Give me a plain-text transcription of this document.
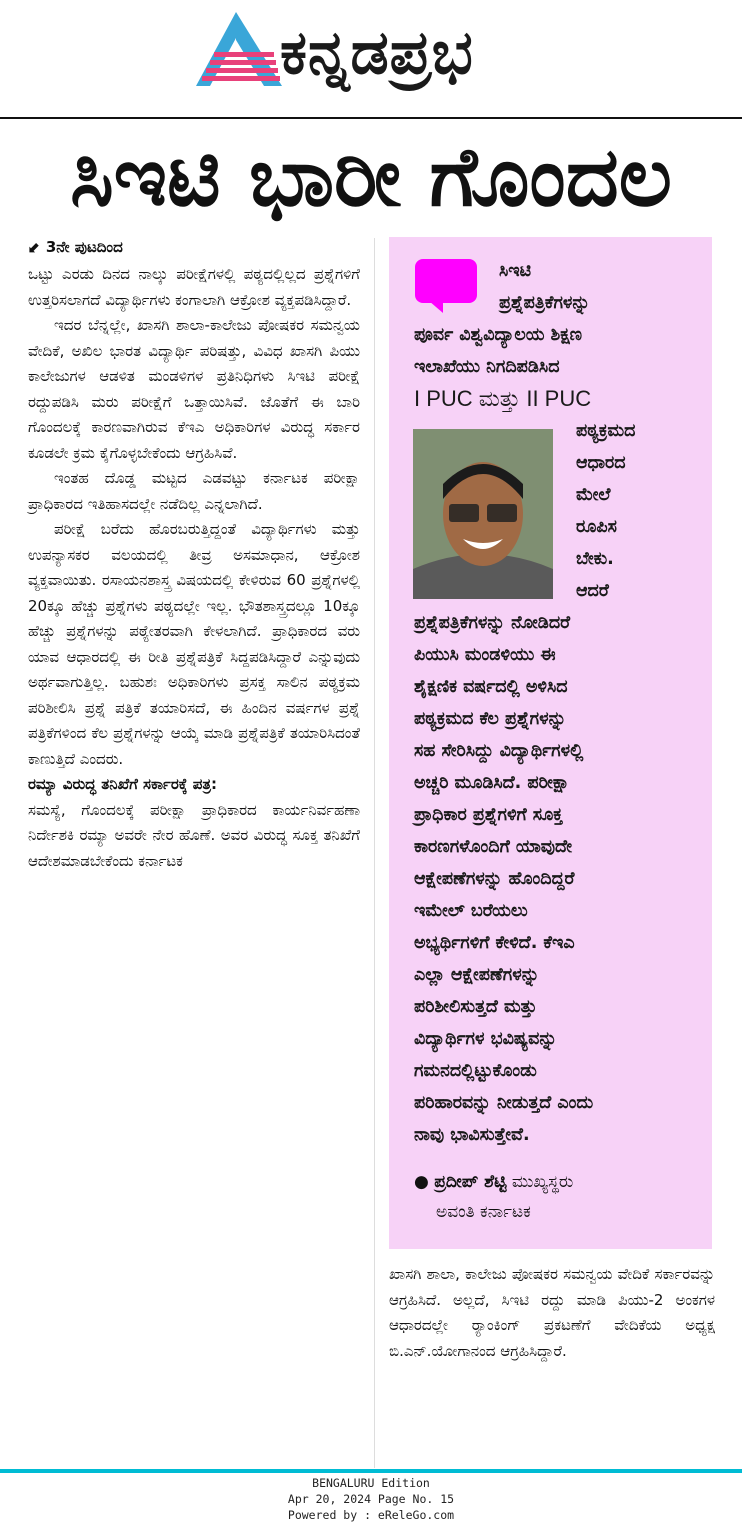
ಕನ್ನಡಪ್ರಭ
ಸಿಇಟಿ ಭಾರೀ ಗೊಂದಲ
⬋ 3ನೇ ಪುಟದಿಂದ

ಒಟ್ಟು ಎರಡು ದಿನದ ನಾಲ್ಕು ಪರೀಕ್ಷೆಗಳಲ್ಲಿ ಪಠ್ಯದಲ್ಲಿಲ್ಲದ ಪ್ರಶ್ನೆಗಳಿಗೆ ಉತ್ತರಿಸಲಾಗದೆ ವಿದ್ಯಾರ್ಥಿಗಳು ಕಂಗಾಲಾಗಿ ಆಕ್ರೋಶ ವ್ಯಕ್ತಪಡಿಸಿದ್ದಾರೆ.

ಇದರ ಬೆನ್ನಲ್ಲೇ, ಖಾಸಗಿ ಶಾಲಾ-ಕಾಲೇಜು ಪೋಷಕರ ಸಮನ್ವಯ ವೇದಿಕೆ, ಅಖಿಲ ಭಾರತ ವಿದ್ಯಾರ್ಥಿ ಪರಿಷತ್ತು, ವಿವಿಧ ಖಾಸಗಿ ಪಿಯು ಕಾಲೇಜುಗಳ ಆಡಳಿತ ಮಂಡಳಿಗಳ ಪ್ರತಿನಿಧಿಗಳು ಸಿಇಟಿ ಪರೀಕ್ಷೆ ರದ್ದುಪಡಿಸಿ ಮರು ಪರೀಕ್ಷೆಗೆ ಒತ್ತಾಯಿಸಿವೆ. ಜೊತೆಗೆ ಈ ಬಾರಿ ಗೊಂದಲಕ್ಕೆ ಕಾರಣವಾಗಿರುವ ಕೆಇಎ ಅಧಿಕಾರಿಗಳ ವಿರುದ್ಧ ಸರ್ಕಾರ ಕೂಡಲೇ ಕ್ರಮ ಕೈಗೊಳ್ಳಬೇಕೆಂದು ಆಗ್ರಹಿಸಿವೆ.

ಇಂತಹ ದೊಡ್ಡ ಮಟ್ಟದ ಎಡವಟ್ಟು ಕರ್ನಾಟಕ ಪರೀಕ್ಷಾ ಪ್ರಾಧಿಕಾರದ ಇತಿಹಾಸದಲ್ಲೇ ನಡೆದಿಲ್ಲ ಎನ್ನಲಾಗಿದೆ.

ಪರೀಕ್ಷೆ ಬರೆದು ಹೊರಬರುತ್ತಿದ್ದಂತೆ ವಿದ್ಯಾರ್ಥಿಗಳು ಮತ್ತು ಉಪನ್ಯಾಸಕರ ವಲಯದಲ್ಲಿ ತೀವ್ರ ಅಸಮಾಧಾನ, ಆಕ್ರೋಶ ವ್ಯಕ್ತವಾಯಿತು. ರಸಾಯನಶಾಸ್ತ್ರ ವಿಷಯದಲ್ಲಿ ಕೇಳಿರುವ 60 ಪ್ರಶ್ನೆಗಳಲ್ಲಿ 20ಕ್ಕೂ ಹೆಚ್ಚು ಪ್ರಶ್ನೆಗಳು ಪಠ್ಯದಲ್ಲೇ ಇಲ್ಲ. ಭೌತಶಾಸ್ತ್ರದಲ್ಲೂ 10ಕ್ಕೂ ಹೆಚ್ಚು ಪ್ರಶ್ನೆಗಳನ್ನು ಪಠ್ಯೇತರವಾಗಿ ಕೇಳಲಾಗಿದೆ. ಪ್ರಾಧಿಕಾರದ ವರು ಯಾವ ಆಧಾರದಲ್ಲಿ ಈ ರೀತಿ ಪ್ರಶ್ನೆಪತ್ರಿಕೆ ಸಿದ್ದಪಡಿಸಿದ್ದಾರೆ ಎನ್ನುವುದು ಅರ್ಥವಾಗುತ್ತಿಲ್ಲ. ಬಹುಶಃ ಅಧಿಕಾರಿಗಳು ಪ್ರಸಕ್ತ ಸಾಲಿನ ಪಠ್ಯಕ್ರಮ ಪರಿಶೀಲಿಸಿ ಪ್ರಶ್ನೆ ಪತ್ರಿಕೆ ತಯಾರಿಸದೆ, ಈ ಹಿಂದಿನ ವರ್ಷಗಳ ಪ್ರಶ್ನೆ ಪತ್ರಿಕೆಗಳಿಂದ ಕೆಲ ಪ್ರಶ್ನೆಗಳನ್ನು ಆಯ್ಕೆ ಮಾಡಿ ಪ್ರಶ್ನೆಪತ್ರಿಕೆ ತಯಾರಿಸಿದಂತೆ ಕಾಣುತ್ತಿದೆ ಎಂದರು.

ರಮ್ಯಾ ವಿರುದ್ಧ ತನಿಖೆಗೆ ಸರ್ಕಾರಕ್ಕೆ ಪತ್ರ:

ಸಮಸ್ಯೆ, ಗೊಂದಲಕ್ಕೆ ಪರೀಕ್ಷಾ ಪ್ರಾಧಿಕಾರದ ಕಾರ್ಯನಿರ್ವಹಣಾ ನಿರ್ದೇಶಕಿ ರಮ್ಯಾ ಅವರೇ ನೇರ ಹೊಣೆ. ಅವರ ವಿರುದ್ಧ ಸೂಕ್ತ ತನಿಖೆಗೆ ಆದೇಶಮಾಡಬೇಕೆಂದು ಕರ್ನಾಟಕ

ಸಿಇಟಿ
ಪ್ರಶ್ನೆಪತ್ರಿಕೆಗಳನ್ನು
ಪೂರ್ವ ವಿಶ್ವವಿದ್ಯಾಲಯ ಶಿಕ್ಷಣ
ಇಲಾಖೆಯು ನಿಗದಿಪಡಿಸಿದ
I PUC ಮತ್ತು II PUC
ಪಠ್ಯಕ್ರಮದ
ಆಧಾರದ
ಮೇಲೆ
ರೂಪಿಸ
ಬೇಕು.
ಆದರೆ
ಪ್ರಶ್ನೆಪತ್ರಿಕೆಗಳನ್ನು ನೋಡಿದರೆ
ಪಿಯುಸಿ ಮಂಡಳಿಯು ಈ
ಶೈಕ್ಷಣಿಕ ವರ್ಷದಲ್ಲಿ ಅಳಿಸಿದ
ಪಠ್ಯಕ್ರಮದ ಕೆಲ ಪ್ರಶ್ನೆಗಳನ್ನು
ಸಹ ಸೇರಿಸಿದ್ದು ವಿದ್ಯಾರ್ಥಿಗಳಲ್ಲಿ
ಅಚ್ಚರಿ ಮೂಡಿಸಿದೆ. ಪರೀಕ್ಷಾ
ಪ್ರಾಧಿಕಾರ ಪ್ರಶ್ನೆಗಳಿಗೆ ಸೂಕ್ತ
ಕಾರಣಗಳೊಂದಿಗೆ ಯಾವುದೇ
ಆಕ್ಷೇಪಣೆಗಳನ್ನು ಹೊಂದಿದ್ದರೆ
ಇಮೇಲ್ ಬರೆಯಲು
ಅಭ್ಯರ್ಥಿಗಳಿಗೆ ಕೇಳಿದೆ. ಕೆಇಎ
ಎಲ್ಲಾ ಆಕ್ಷೇಪಣೆಗಳನ್ನು
ಪರಿಶೀಲಿಸುತ್ತದೆ ಮತ್ತು
ವಿದ್ಯಾರ್ಥಿಗಳ ಭವಿಷ್ಯವನ್ನು
ಗಮನದಲ್ಲಿಟ್ಟುಕೊಂಡು
ಪರಿಹಾರವನ್ನು ನೀಡುತ್ತದೆ ಎಂದು
ನಾವು ಭಾವಿಸುತ್ತೇವೆ.
● ಪ್ರದೀಪ್ ಶೆಟ್ಟಿ ಮುಖ್ಯಸ್ಥರು
ಅವಂತಿ ಕರ್ನಾಟಕ
ಖಾಸಗಿ ಶಾಲಾ, ಕಾಲೇಜು ಪೋಷಕರ ಸಮನ್ವಯ ವೇದಿಕೆ ಸರ್ಕಾರವನ್ನು ಆಗ್ರಹಿಸಿದೆ. ಅಲ್ಲದೆ, ಸಿಇಟಿ ರದ್ದು ಮಾಡಿ ಪಿಯು-2 ಅಂಕಗಳ ಆಧಾರದಲ್ಲೇ ರ‍್ಯಾಂಕಿಂಗ್ ಪ್ರಕಟಣೆಗೆ ವೇದಿಕೆಯ ಅಧ್ಯಕ್ಷ ಬಿ.ಎನ್.ಯೋಗಾನಂದ ಆಗ್ರಹಿಸಿದ್ದಾರೆ.
BENGALURU Edition
Apr 20, 2024 Page No. 15
Powered by : eReleGo.com
